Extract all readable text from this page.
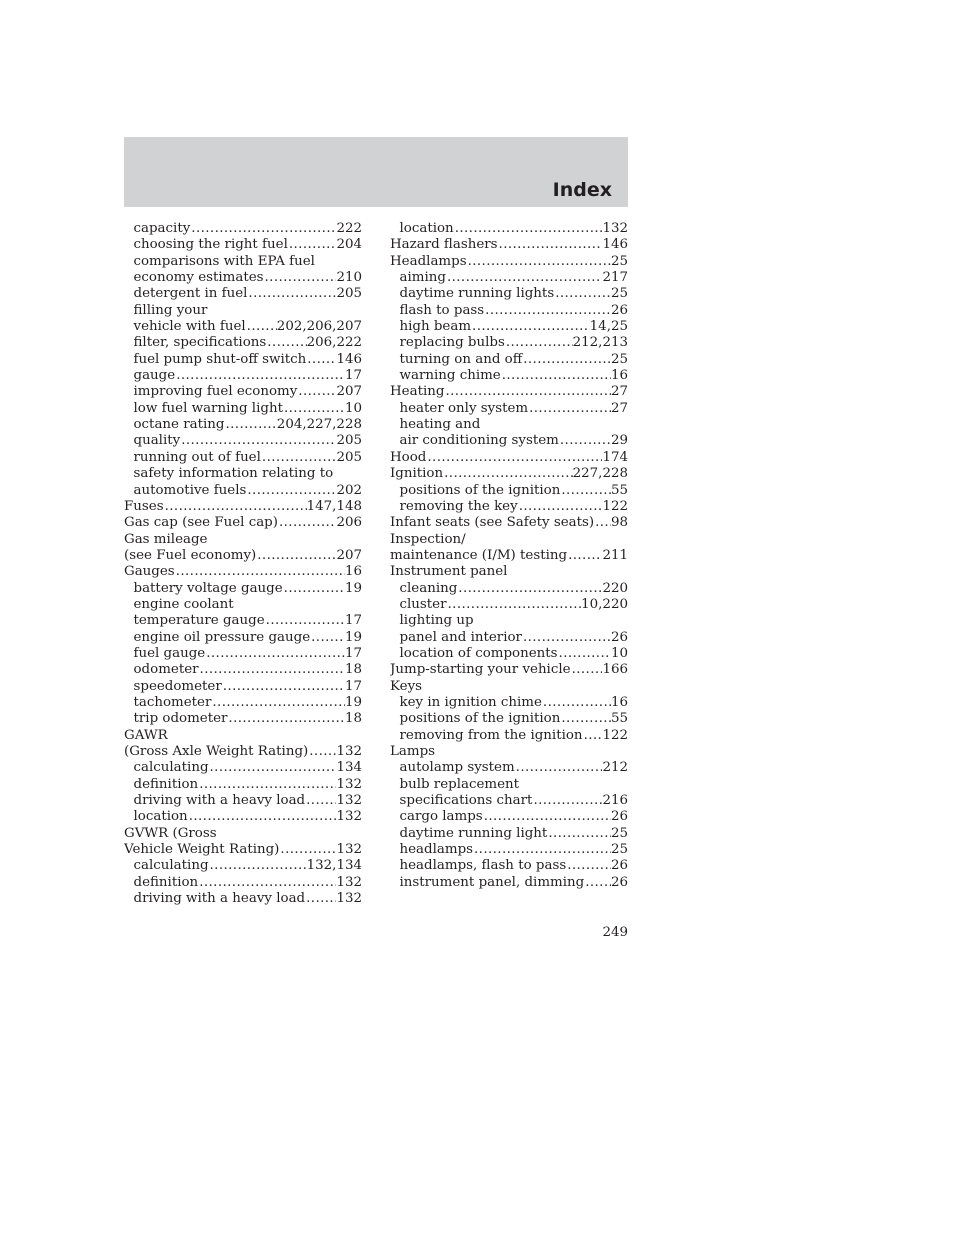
Index
capacity .....	222
choosing the right fuel .....	204
comparisons with EPA fuel
economy estimates .....	210
detergent in fuel .....	205
filling your
vehicle with fuel ..... 202,206,207
filter, specifications .....	206,222
fuel pump shut-off switch ..... 146
gauge .....	17
improving fuel economy .....	207
low fuel warning light .....	10
octane rating .....	204,227,228
quality .....	205
running out of fuel .....	205
safety information relating to
automotive fuels .....	202
Fuses .....	147,148
Gas cap (see Fuel cap) .....	206
Gas mileage
(see Fuel economy) .....	207
Gauges .....	16
battery voltage gauge .....	19
engine coolant
temperature gauge .....	17
engine oil pressure gauge .....	19
fuel gauge .....	17
odometer .....	18
speedometer .....	17
tachometer .....	19
trip odometer .....	18
GAWR
(Gross Axle Weight Rating) ..... 132
calculating .....	134
definition .....	132
driving with a heavy load ..... 132
location .....	132
GVWR (Gross
Vehicle Weight Rating) .....	132
calculating .....	132,134
definition .....	132
driving with a heavy load ..... 132
location .....	132
Hazard flashers .....	146
Headlamps .....	25
aiming .....	217
daytime running lights .....	25
flash to pass .....	26
high beam .....	14,25
replacing bulbs .....	212,213
turning on and off .....	25
warning chime .....	16
Heating .....	27
heater only system .....	27
heating and
air conditioning system .....	29
Hood .....	174
Ignition .....	227,228
positions of the ignition .....	55
removing the key .....	122
Infant seats (see Safety seats) ..... 98
Inspection/
maintenance (I/M) testing .....	211
Instrument panel
cleaning .....	220
cluster .....	10,220
lighting up
panel and interior .....	26
location of components .....	10
Jump-starting your vehicle ..... 166
Keys
key in ignition chime .....	16
positions of the ignition .....	55
removing from the ignition ..... 122
Lamps
autolamp system .....	212
bulb replacement
specifications chart .....	216
cargo lamps .....	26
daytime running light .....	25
headlamps .....	25
headlamps, flash to pass .....	26
instrument panel, dimming ..... 26
249
